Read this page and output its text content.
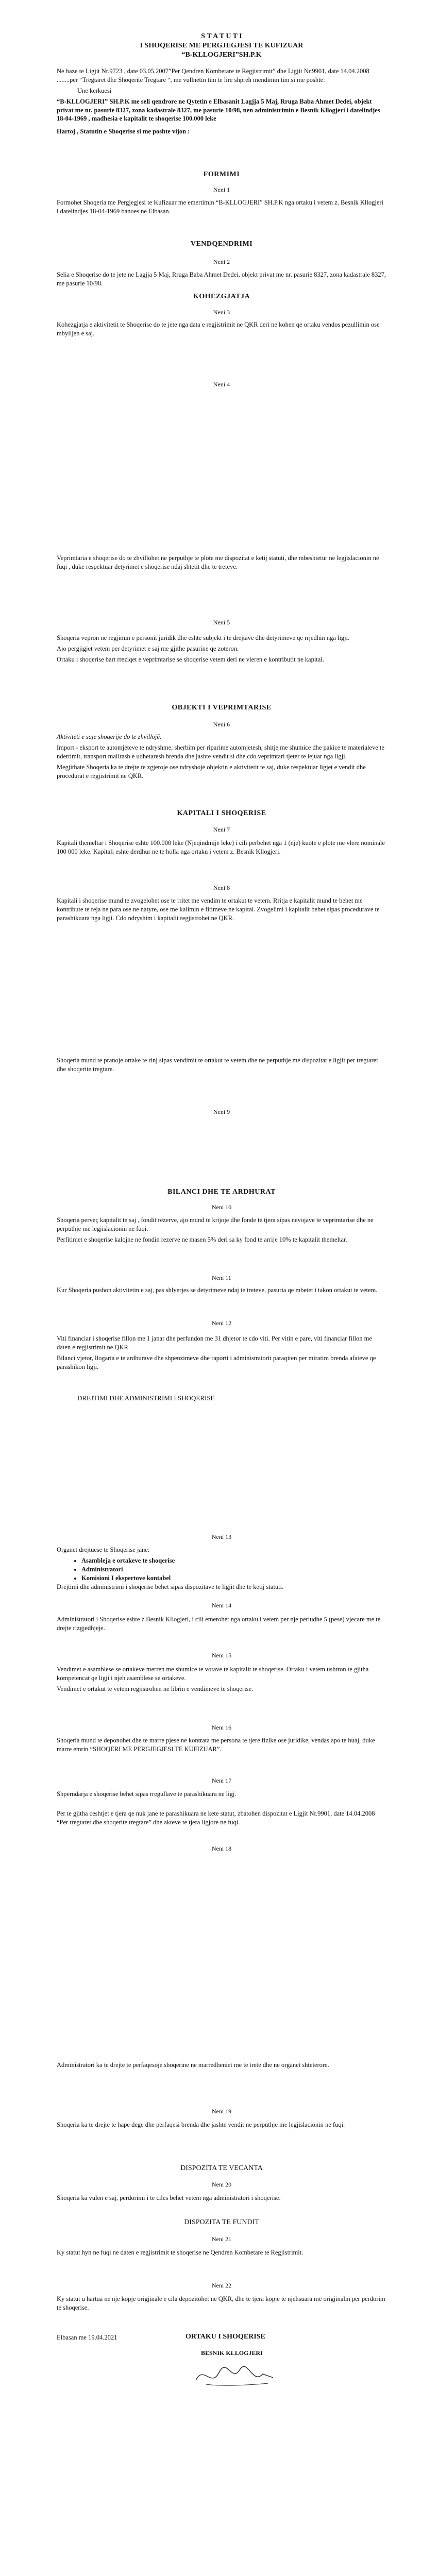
S T A T U T I
I SHOQERISE ME PERGJEGJESI TE KUFIZUAR
“B-KLLOGJERI”SH.P.K

Ne baze te Ligjit Nr.9723 , date 03.05.2007”Per Qendren Kombetare te Regjistrimit” dhe Ligjit Nr.9901, date 14.04.2008 ........per “Tregtaret dhe Shoqerite Tregtare “, me vullnetin tim te lire shpreh mendimin tim si me poshte:

Une kerkuesi

“B-KLLOGJERI” SH.P.K me seli qendrore ne Qytetin e Elbasanit Lagjja 5 Maj, Rruga Baba Ahmet Dedei, objekt privat me nr. pasurie 8327, zona kadastrale 8327, me pasurie 10/98, nen administrimin e Besnik Kllogjeri i datelindjes 18-04-1969 , madhesia e kapitalit te shoqerise 100.000 leke

Hartoj , Statutin e Shoqerise si me poshte vijon :

FORMIMI
Neni 1
Formohet Shoqeria me Pergjegjesi te Kufizuar me emertimin “B-KLLOGJERI” SH.P.K nga ortaku i vetem z. Besnik Kllogjeri i datelindjes 18-04-1969 banues ne Elbasan.
VENDQENDRIMI
Neni 2
Selia e Shoqerise do te jete ne Lagjja 5 Maj, Rruga Baba Ahmet Dedei, objekt privat me nr. pasurie 8327, zona kadastrale 8327, me pasurie 10/98.
KOHEZGJATJA
Neni 3
Kohezgjatja e aktivitetit te Shoqerise do te jete nga data e regjistrimit ne QKR deri ne kohen qe ortaku vendos pezullimin ose mbylljen e saj.
Neni 4
Veprimtaria e shoqerise do te zhvillohet ne perputhje te plote me dispozitat e ketij statuti, dhe mbeshtetur ne legjislacionin ne fuqi , duke respektuar detyrimet e shoqerise ndaj shtetit dhe te treteve.
Neni 5

Shoqeria vepron ne regjimin e personit juridik dhe eshte subjekt i te drejtave dhe detyrimeve qe rrjedhin nga ligji.

Ajo pergjigjet vetem per detyrimet e saj me gjithe pasurine qe zoteron.

Ortaku i shoqerise bart rreziqet e veprimtarise se shoqerise vetem deri ne vleren e kontributit ne kapital.

OBJEKTI I VEPRIMTARISE
Neni 6

Aktiviteti e saje shoqerije do te zhvillojë:

Import - eksport te automjeteve te ndryshme, sherbim per riparime automjetesh, shitje me shumice dhe pakice te materialeve te ndertimit, transport mallrash e udhetaresh brenda dhe jashte vendit si dhe cdo veprimtari tjeter te lejuar nga ligji.

Megjithate Shoqeria ka te drejte te zgjeroje ose ndryshoje objektin e aktivitetit te saj, duke respektuar ligjet e vendit dhe procedurat e regjistrimit ne QKR.

KAPITALI I SHOQERISE
Neni 7
Kapitali themeltar i Shoqerise eshte 100.000 leke (Njeqindmije leke) i cili perbehet nga 1 (nje) kuote e plote me vlere nominale 100 000 leke. Kapitali eshte derdhur ne te holla nga ortaku i vetem z. Besnik Kllogjeri.
Neni 8
Kapitali i shoqerise mund te zvogelohet ose te rritet me vendim te ortakut te vetem. Rritja e kapitalit mund te behet me kontribute te reja ne para ose ne natyre, ose me kalimin e fitimeve ne kapital. Zvogelimi i kapitalit behet sipas procedurave te parashikuara nga ligji. Cdo ndryshim i kapitalit regjistrohet ne QKR.
Shoqeria mund te pranoje ortake te rinj sipas vendimit te ortakut te vetem dhe ne perputhje me dispozitat e ligjit per tregtaret dhe shoqerite tregtare.
Neni 9
BILANCI DHE TE ARDHURAT
Neni 10

Shoqeria perveç kapitalit te saj , fondit rezerve, ajo mund te krijoje dhe fonde te tjera sipas nevojave te veprimtarise dhe ne perputhje me legjislacionin ne fuqi.

Perfitimet e shoqerise kalojne ne fondin rezerve ne masen 5% deri sa ky fond te arrije 10% te kapitalit themeltar.

Neni 11
Kur Shoqeria pushon aktivitetin e saj, pas shlyerjes se detyrimeve ndaj te treteve, pasuria qe mbetet i takon ortakut te vetem.
Neni 12

Viti financiar i shoqerise fillon me 1 janar dhe perfundon me 31 dhjetor te cdo viti. Per vitin e pare, viti financiar fillon me daten e regjistrimit ne QKR.

Bilanci vjetor, llogaria e te ardhurave dhe shpenzimeve dhe raporti i administratorit paraqiten per miratim brenda afateve qe parashikon ligji.

DREJTIMI DHE ADMINISTRIMI I SHOQERISE
Neni 13

Organet drejtuese te Shoqerise jane:

• Asambleja e ortakeve te shoqerise
• Administratori
• Komisioni I ekspertove kontabel

Drejtimi dhe administrimi i shoqerise behet sipas dispozitave te ligjit dhe te ketij statuti.

Neni 14
Administratori i Shoqerise eshte z.Besnik Kllogjeri, i cili emerohet nga ortaku i vetem per nje periudhe 5 (pese) vjecare me te drejte rizgjedhjeje.
Neni 15

Vendimet e asamblese se ortakeve merren me shumice te votave te kapitalit te shoqerise. Ortaku i vetem ushtron te gjitha kompetencat qe ligji i njeh asamblese se ortakeve.

Vendimet e ortakut te vetem regjistrohen ne librin e vendimeve te shoqerise.

Neni 16
Shoqeria mund te deponohet dhe te marre pjese ne kontrata me persona te tjere fizike ose juridike, vendas apo te huaj, duke marre emrin “SHOQERI ME PERGJEGJESI TE KUFIZUAR”.
Neni 17
Shperndarja e shoqerise behet sipas rregullave te parashikuara ne ligj.
Per te gjitha ceshtjet e tjera qe nuk jane te parashikuara ne kete statut, zbatohen dispozitat e Ligjit Nr.9901, date 14.04.2008 “Per tregtaret dhe shoqerite tregtare” dhe akteve te tjera ligjore ne fuqi.
Neni 18
Administratori ka te drejte te perfaqesoje shoqerine ne marredheniet me te trete dhe ne organet shteterore.
Neni 19
Shoqeria ka te drejte te hape dege dhe perfaqesi brenda dhe jashte vendit ne perputhje me legjislacionin ne fuqi.
DISPOZITA TE VECANTA
Neni 20
Shoqeria ka vulen e saj, perdorimi i te ciles behet vetem nga administratori i shoqerise.
DISPOZITA TE FUNDIT
Neni 21
Ky statut hyn ne fuqi ne daten e regjistrimit te shoqerise ne Qendren Kombetare te Regjistrimit.
Neni 22
Ky statut u hartua ne nje kopje origjinale e cila depozitohet ne QKR, dhe te tjera kopje te njehsuara me origjinalin per perdorim te shoqerise.
Elbasan me 19.04.2021	ORTAKU I SHOQERISE
BESNIK KLLOGJERI
